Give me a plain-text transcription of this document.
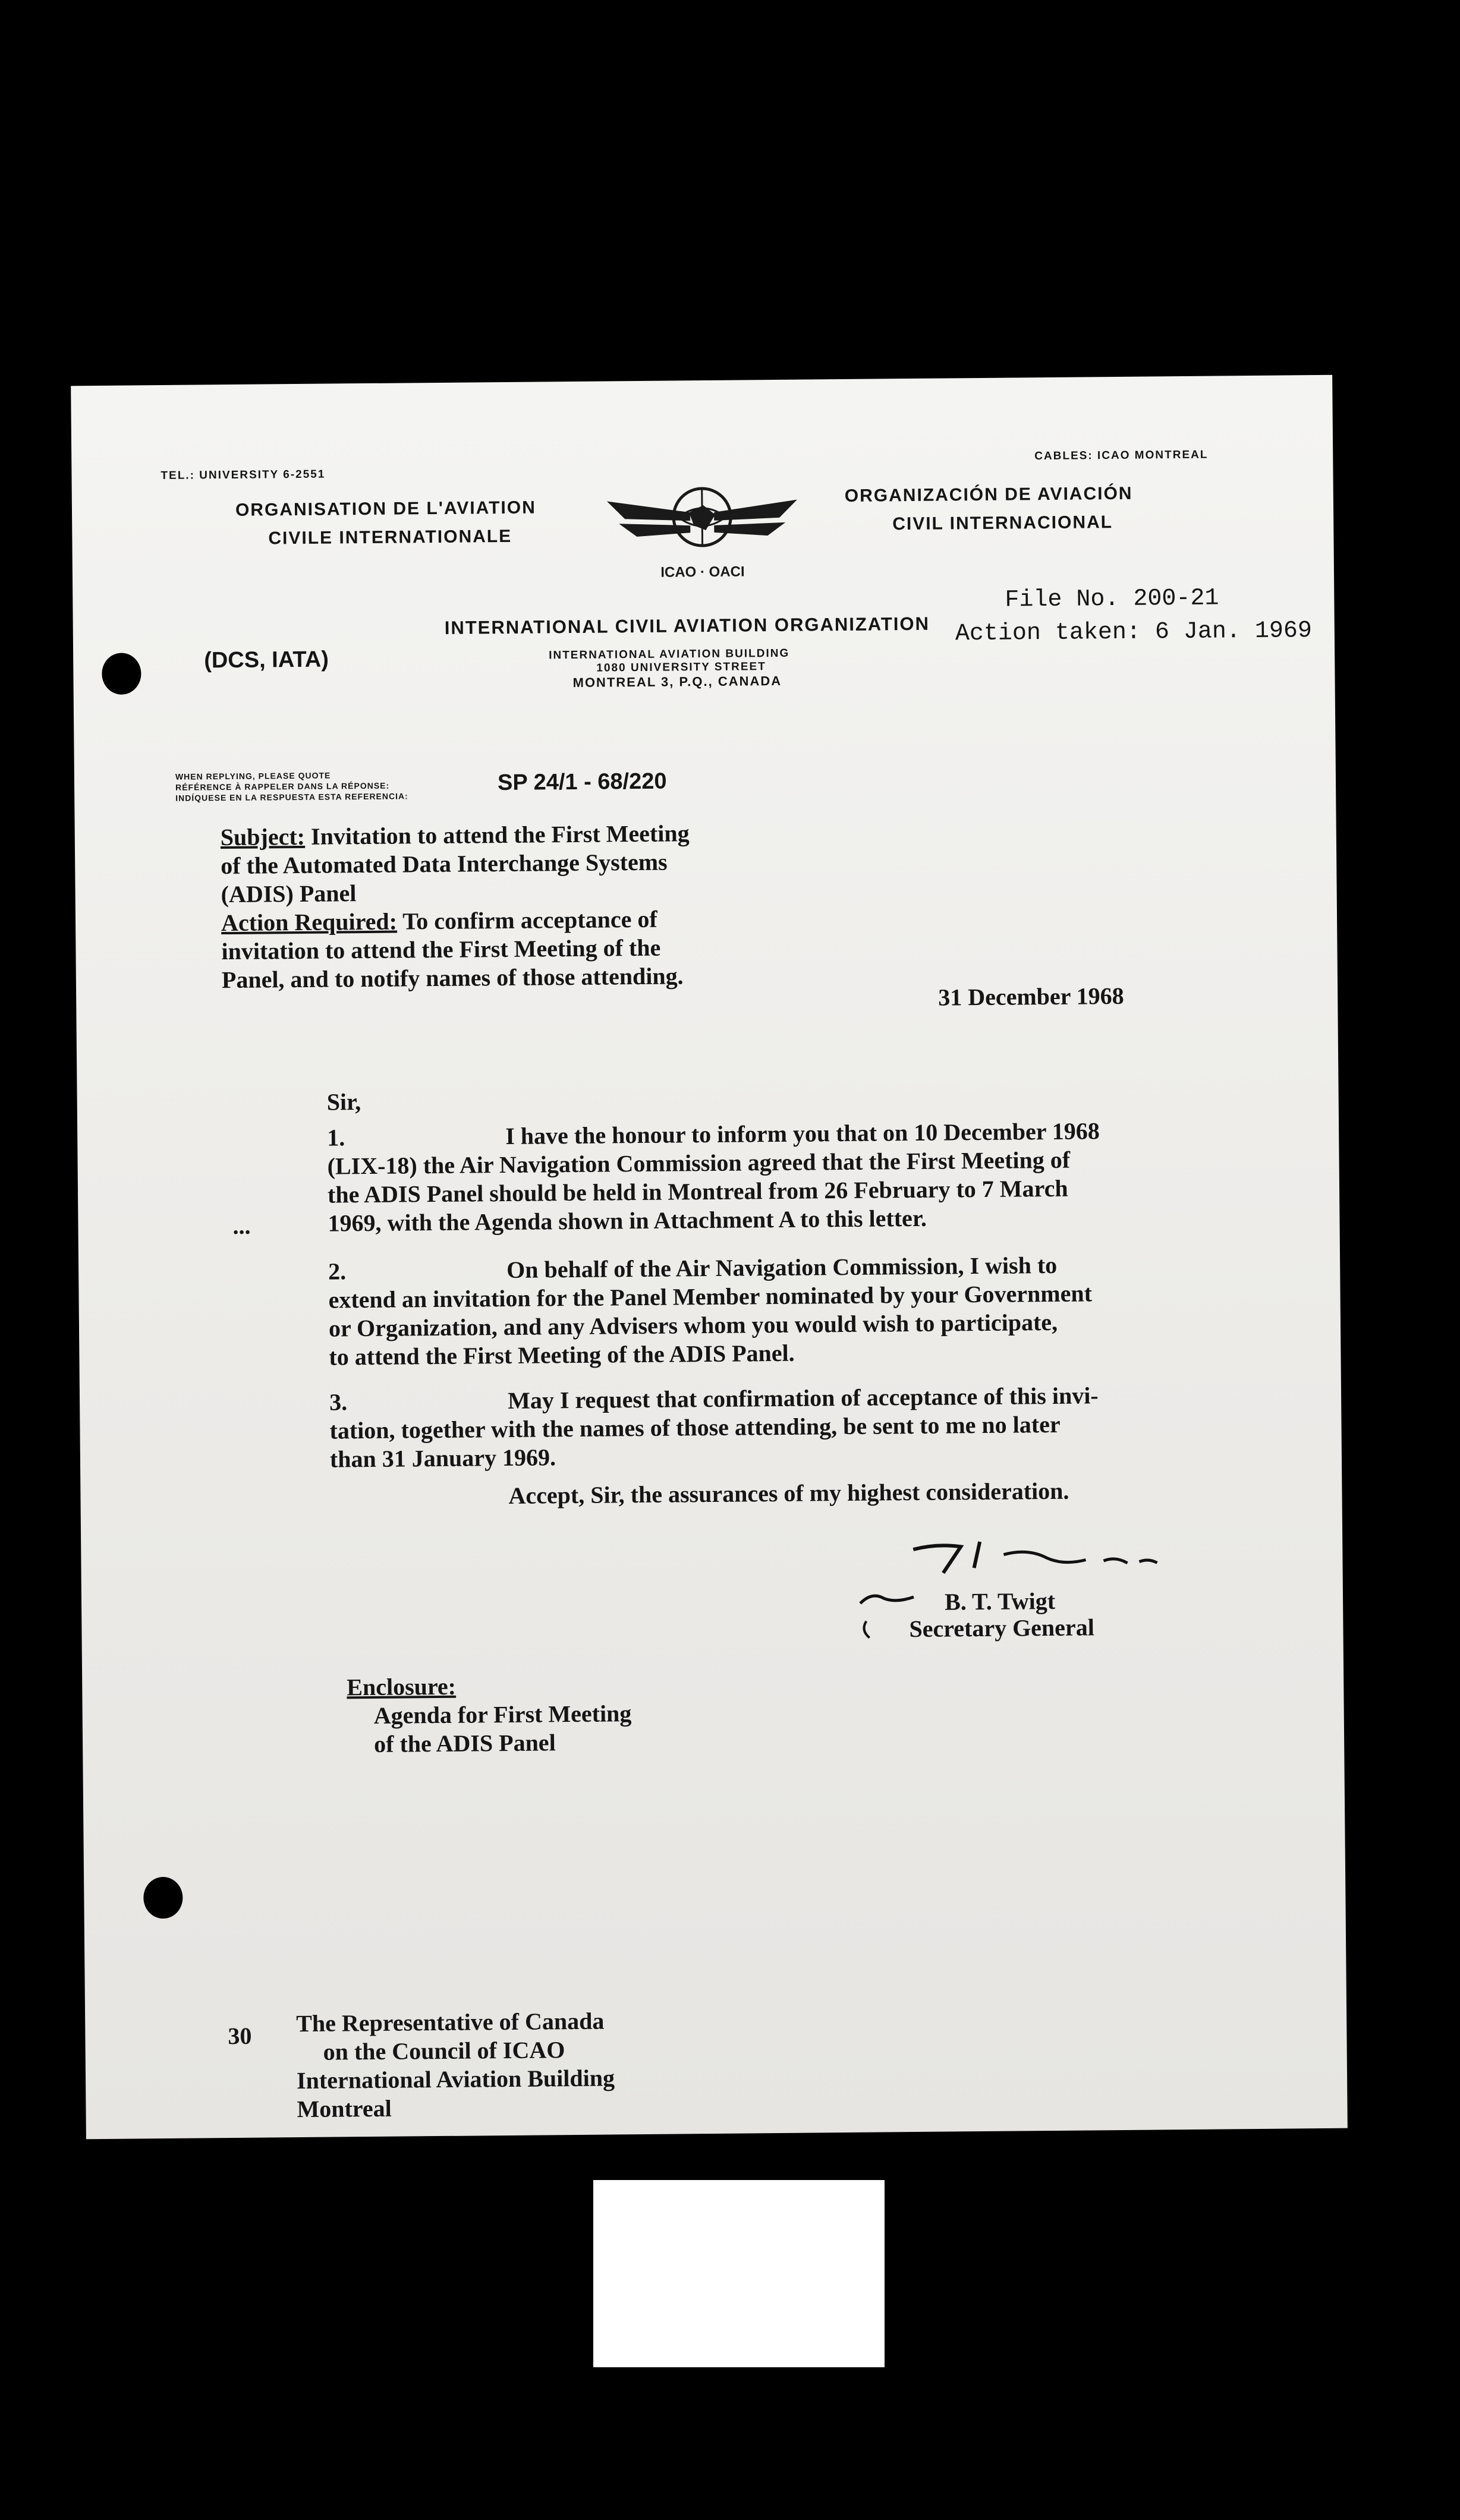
TEL.: UNIVERSITY 6-2551
CABLES: ICAO MONTREAL
ORGANISATION DE L'AVIATION
CIVILE INTERNATIONALE
ORGANIZACIÓN DE AVIACIÓN
CIVIL INTERNACIONAL
ICAO · OACI
INTERNATIONAL CIVIL AVIATION ORGANIZATION
INTERNATIONAL AVIATION BUILDING
1080 UNIVERSITY STREET
MONTREAL 3, P.Q., CANADA
File No. 200-21
Action taken: 6 Jan. 1969
(DCS, IATA)
WHEN REPLYING, PLEASE QUOTE
RÉFÉRENCE À RAPPELER DANS LA RÉPONSE:
INDÍQUESE EN LA RESPUESTA ESTA REFERENCIA:
SP 24/1 - 68/220
Subject: Invitation to attend the First Meeting
of the Automated Data Interchange Systems
(ADIS) Panel
Action Required: To confirm acceptance of
invitation to attend the First Meeting of the
Panel, and to notify names of those attending.
31 December 1968
Sir,
1.	I have the honour to inform you that on 10 December 1968
(LIX-18) the Air Navigation Commission agreed that the First Meeting of
the ADIS Panel should be held in Montreal from 26 February to 7 March
1969, with the Agenda shown in Attachment A to this letter.
...
2.	On behalf of the Air Navigation Commission, I wish to
extend an invitation for the Panel Member nominated by your Government
or Organization, and any Advisers whom you would wish to participate,
to attend the First Meeting of the ADIS Panel.
3.	May I request that confirmation of acceptance of this invi-
tation, together with the names of those attending, be sent to me no later
than 31 January 1969.
Accept, Sir, the assurances of my highest consideration.
B. T. Twigt
Secretary General
Enclosure:
Agenda for First Meeting
of the ADIS Panel
30 The Representative of Canada
on the Council of ICAO
International Aviation Building
Montreal
